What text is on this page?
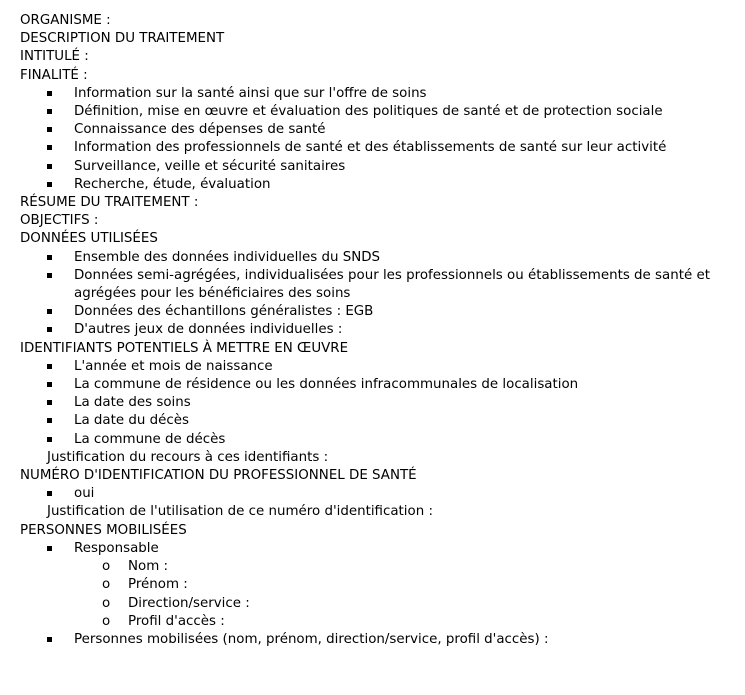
ORGANISME :
DESCRIPTION DU TRAITEMENT
INTITULÉ :
FINALITÉ :
Information sur la santé ainsi que sur l'offre de soins
Définition, mise en œuvre et évaluation des politiques de santé et de protection sociale
Connaissance des dépenses de santé
Information des professionnels de santé et des établissements de santé sur leur activité
Surveillance, veille et sécurité sanitaires
Recherche, étude, évaluation
RÉSUME DU TRAITEMENT :
OBJECTIFS :
DONNÉES UTILISÉES
Ensemble des données individuelles du SNDS
Données semi-agrégées, individualisées pour les professionnels ou établissements de santé et agrégées pour les bénéficiaires des soins
Données des échantillons généralistes : EGB
D'autres jeux de données individuelles :
IDENTIFIANTS POTENTIELS À METTRE EN ŒUVRE
L'année et mois de naissance
La commune de résidence ou les données infracommunales de localisation
La date des soins
La date du décès
La commune de décès
Justification du recours à ces identifiants :
NUMÉRO D'IDENTIFICATION DU PROFESSIONNEL DE SANTÉ
oui
Justification de l'utilisation de ce numéro d'identification :
PERSONNES MOBILISÉES
Responsable
o Nom :
o Prénom :
o Direction/service :
o Profil d'accès :
Personnes mobilisées (nom, prénom, direction/service, profil d'accès) :
